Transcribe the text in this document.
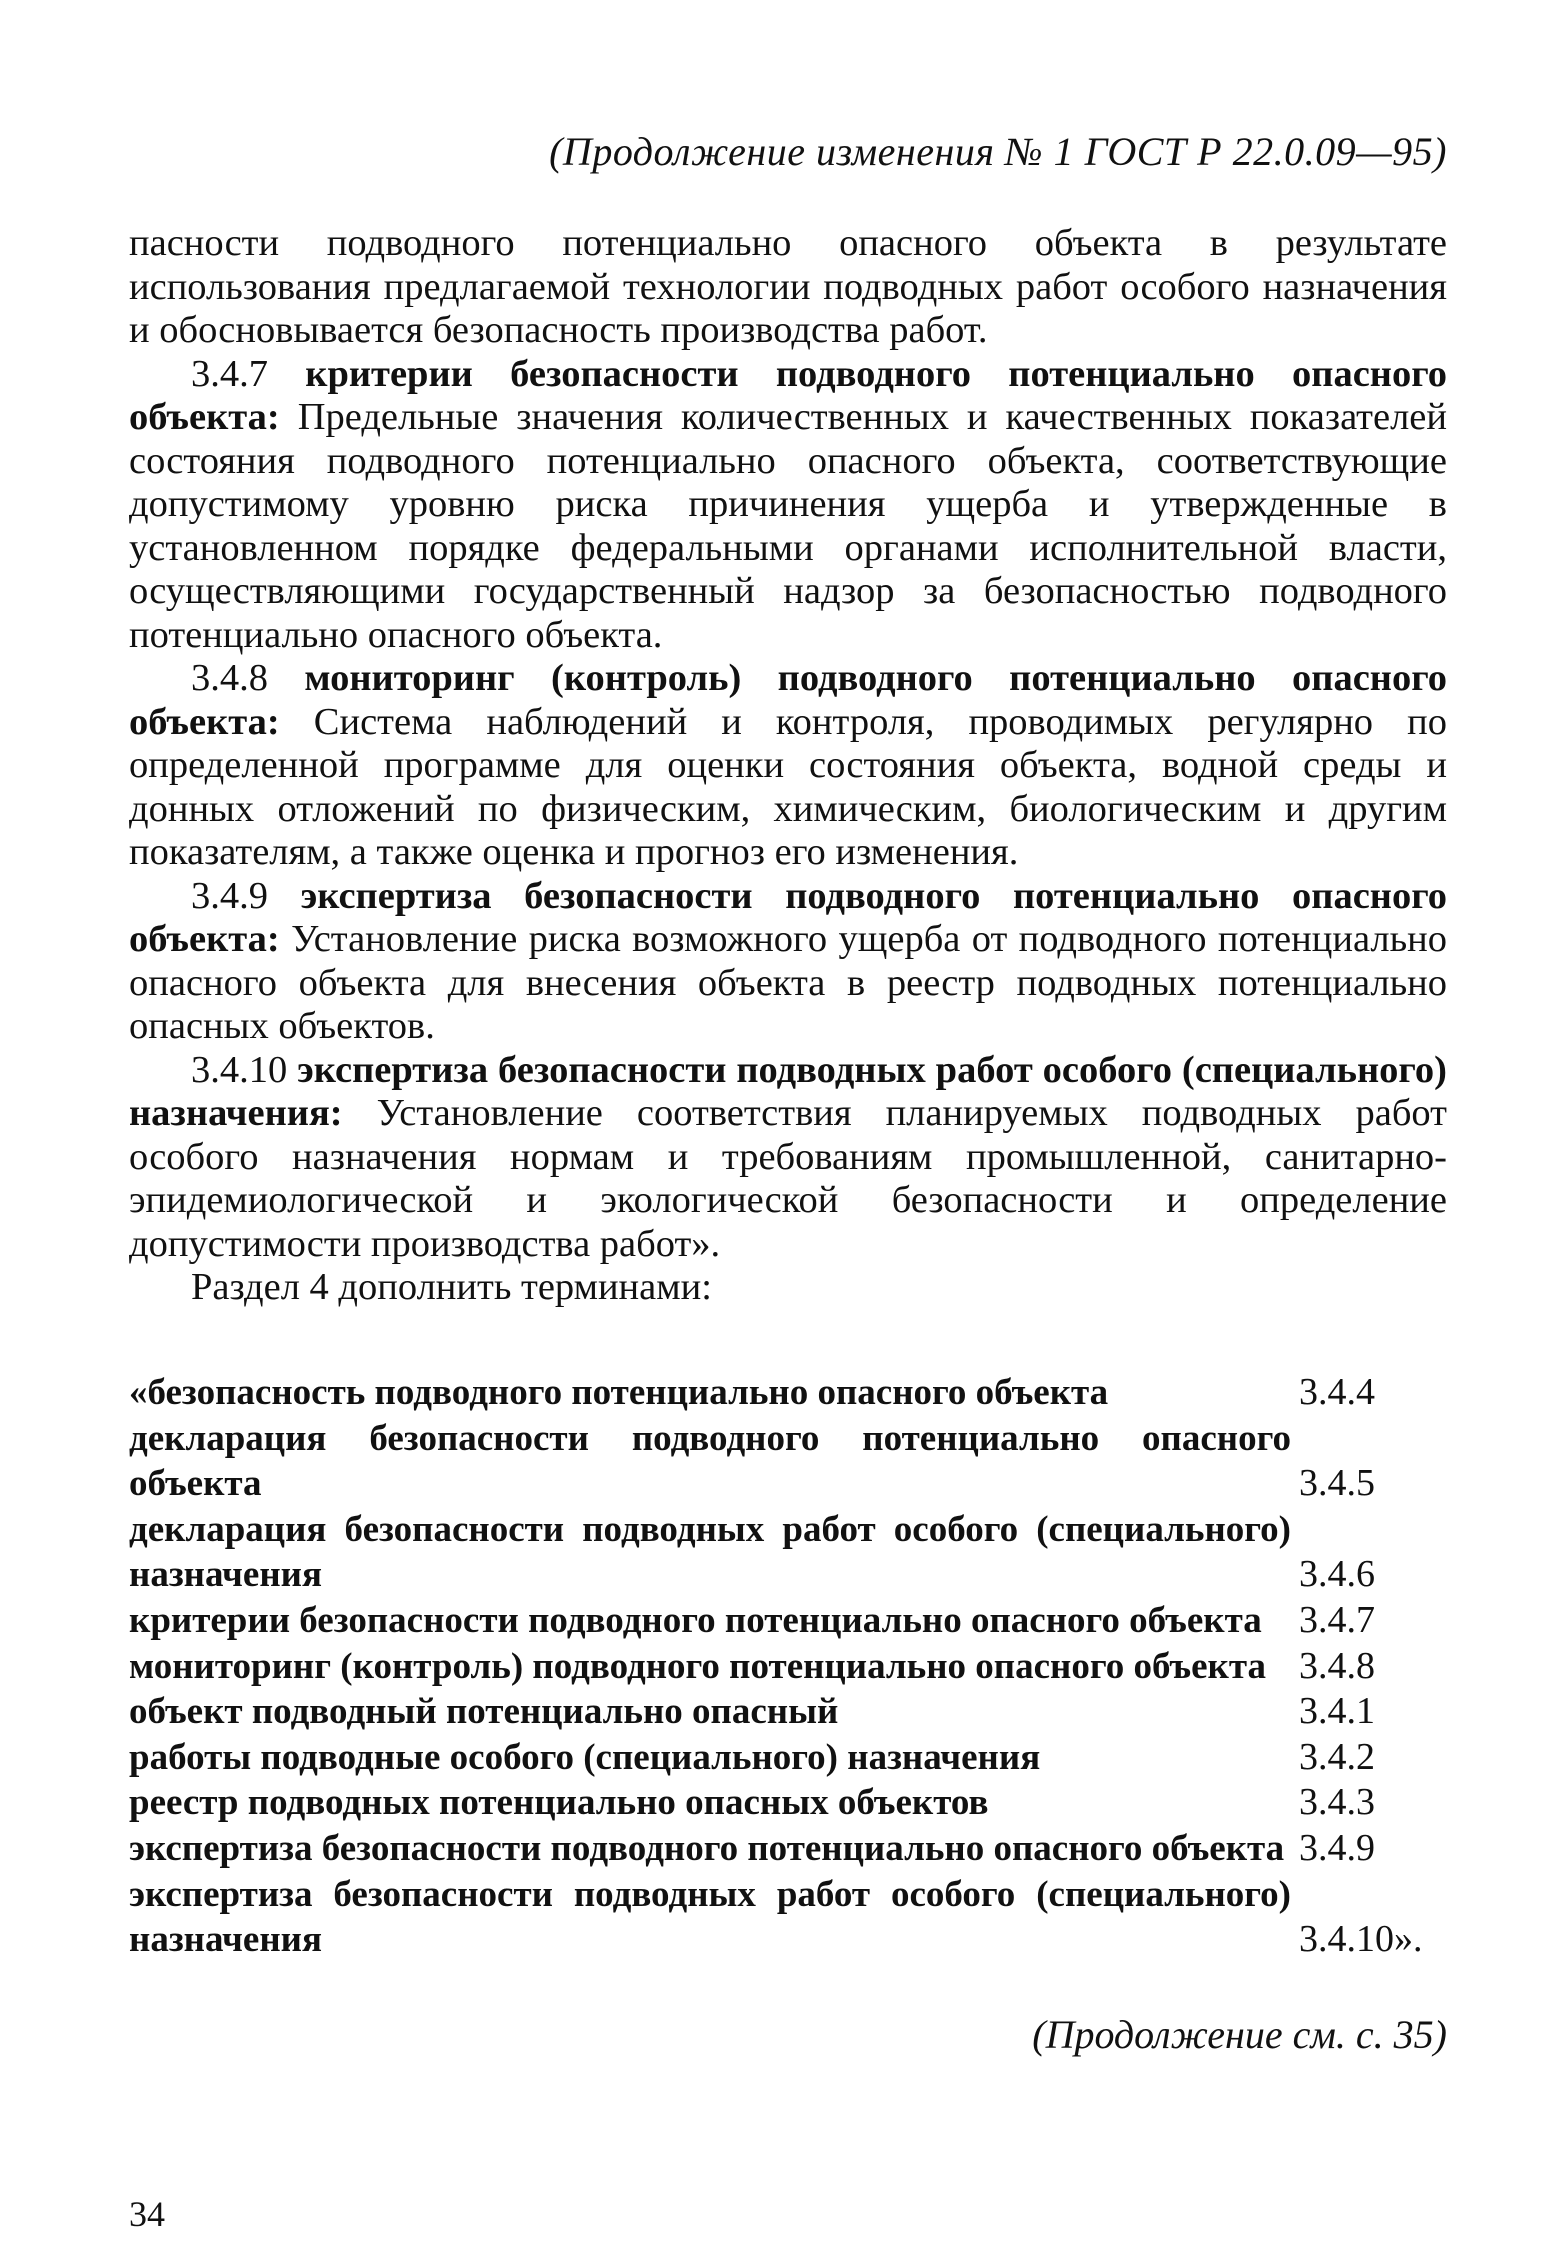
(Продолжение изменения № 1 ГОСТ Р 22.0.09—95)

пасности подводного потенциально опасного объекта в результате использования предлагаемой технологии подводных работ особого назначения и обосновывается безопасность производства работ.

3.4.7 критерии безопасности подводного потенциально опасного объекта: Предельные значения количественных и качественных показателей состояния подводного потенциально опасного объекта, соответствующие допустимому уровню риска причинения ущерба и утвержденные в установленном порядке федеральными органами исполнительной власти, осуществляющими государственный надзор за безопасностью подводного потенциально опасного объекта.

3.4.8 мониторинг (контроль) подводного потенциально опасного объекта: Система наблюдений и контроля, проводимых регулярно по определенной программе для оценки состояния объекта, водной среды и донных отложений по физическим, химическим, биологическим и другим показателям, а также оценка и прогноз его изменения.

3.4.9 экспертиза безопасности подводного потенциально опасного объекта: Установление риска возможного ущерба от подводного потенциально опасного объекта для внесения объекта в реестр подводных потенциально опасных объектов.

3.4.10 экспертиза безопасности подводных работ особого (специального) назначения: Установление соответствия планируемых подводных работ особого назначения нормам и требованиям промышленной, санитарно-эпидемиологической и экологической безопасности и определение допустимости производства работ».

Раздел 4 дополнить терминами:

«безопасность подводного потенциально опасного объекта	3.4.4
декларация безопасности подводного потенциально опасного объекта	3.4.5
декларация безопасности подводных работ особого (специального) назначения	3.4.6
критерии безопасности подводного потенциально опасного объекта 3.4.7
мониторинг (контроль) подводного потенциально опасного объекта 3.4.8
объект подводный потенциально опасный	3.4.1
работы подводные особого (специального) назначения	3.4.2
реестр подводных потенциально опасных объектов	3.4.3
экспертиза безопасности подводного потенциально опасного объекта 3.4.9
экспертиза безопасности подводных работ особого (специального) назначения	3.4.10».
(Продолжение см. с. 35)
34
